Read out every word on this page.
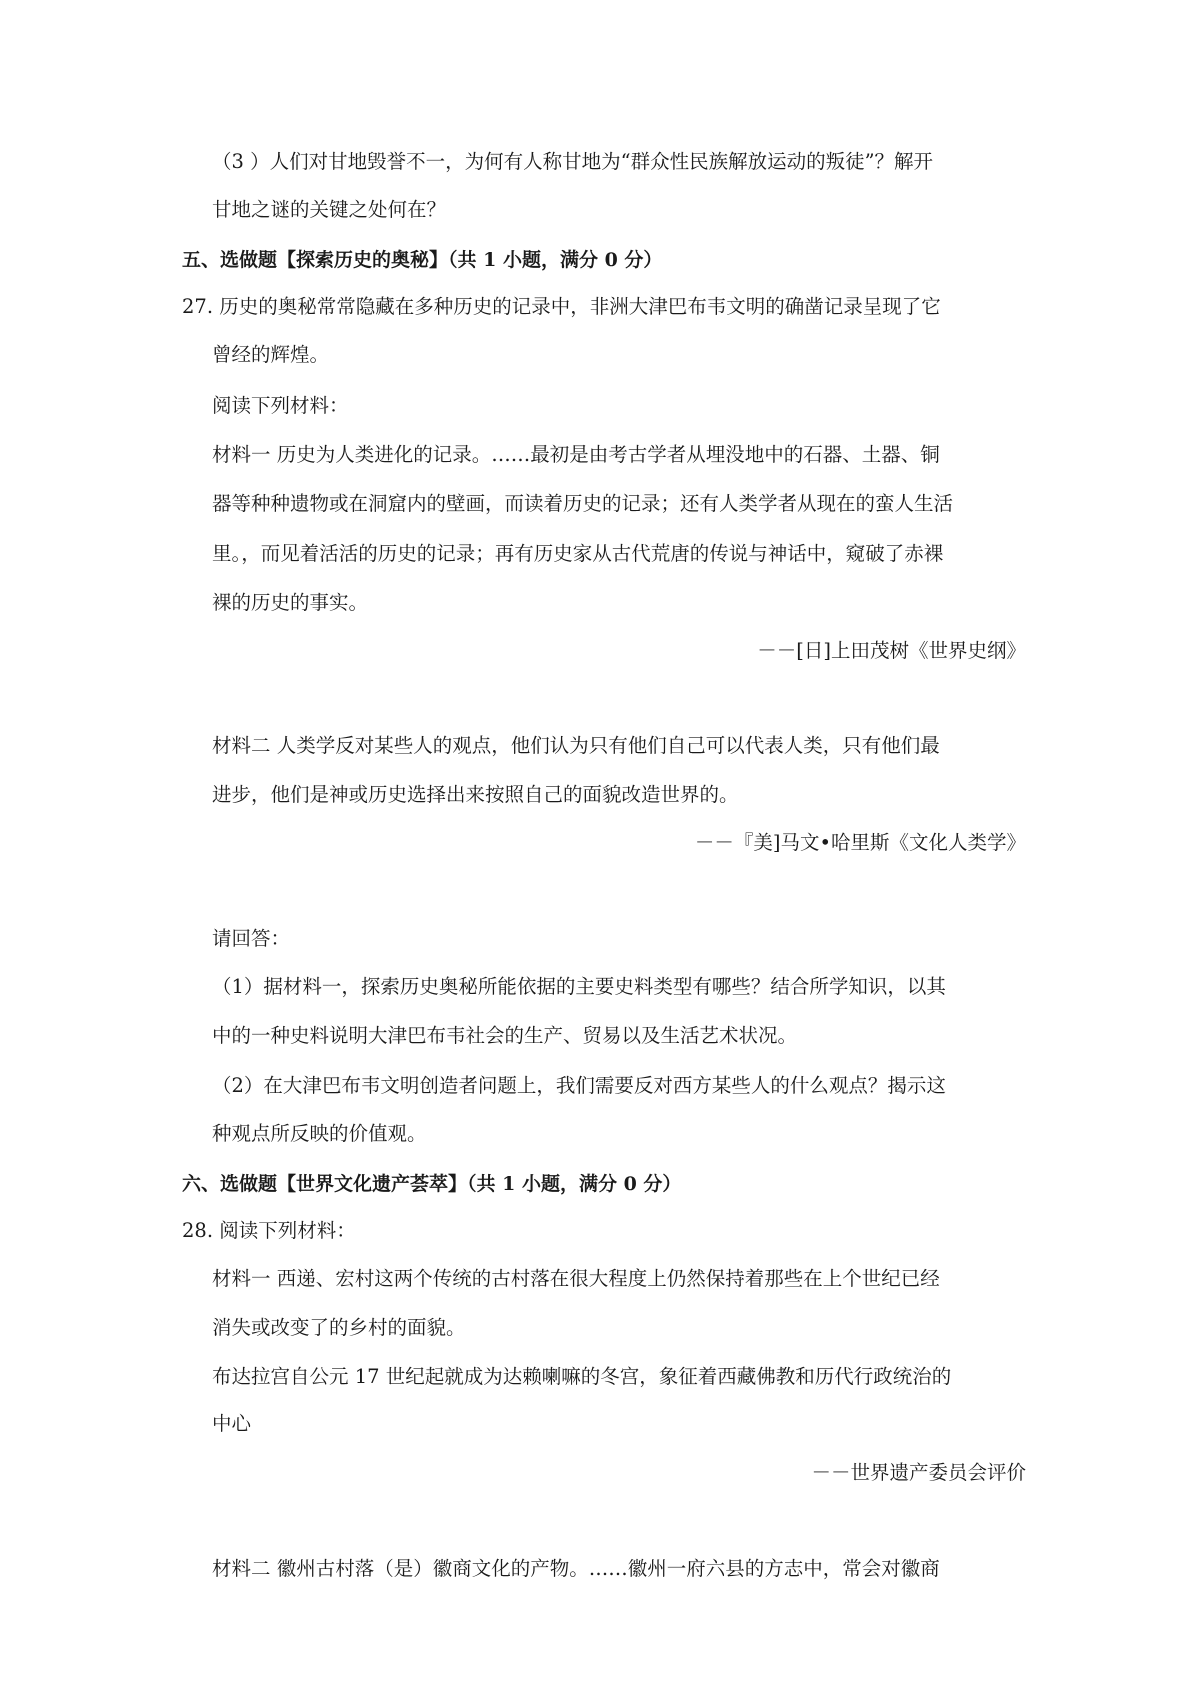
（3 ）人们对甘地毁誉不一，为何有人称甘地为“群众性民族解放运动的叛徒”？解开
甘地之谜的关键之处何在？
五、选做题【探索历史的奥秘】（共 1 小题，满分 0 分）
27. 历史的奥秘常常隐藏在多种历史的记录中，非洲大津巴布韦文明的确凿记录呈现了它
曾经的辉煌。
阅读下列材料：
材料一 历史为人类进化的记录。……最初是由考古学者从埋没地中的石器、土器、铜
器等种种遗物或在洞窟内的壁画，而读着历史的记录；还有人类学者从现在的蛮人生活
里。，而见着活活的历史的记录；再有历史家从古代荒唐的传说与神话中，窥破了赤裸
裸的历史的事实。
－－[日]上田茂树《世界史纲》
材料二 人类学反对某些人的观点，他们认为只有他们自己可以代表人类，只有他们最
进步，他们是神或历史选择出来按照自己的面貌改造世界的。
－－『美]马文•哈里斯《文化人类学》
请回答：
（1）据材料一，探索历史奥秘所能依据的主要史料类型有哪些？结合所学知识，以其
中的一种史料说明大津巴布韦社会的生产、贸易以及生活艺术状况。
（2）在大津巴布韦文明创造者问题上，我们需要反对西方某些人的什么观点？揭示这
种观点所反映的价值观。
六、选做题【世界文化遗产荟萃】（共 1 小题，满分 0 分）
28. 阅读下列材料：
材料一 西递、宏村这两个传统的古村落在很大程度上仍然保持着那些在上个世纪已经
消失或改变了的乡村的面貌。
布达拉宫自公元 17 世纪起就成为达赖喇嘛的冬宫，象征着西藏佛教和历代行政统治的
中心
－－世界遗产委员会评价
材料二 徽州古村落（是）徽商文化的产物。……徽州一府六县的方志中，常会对徽商
